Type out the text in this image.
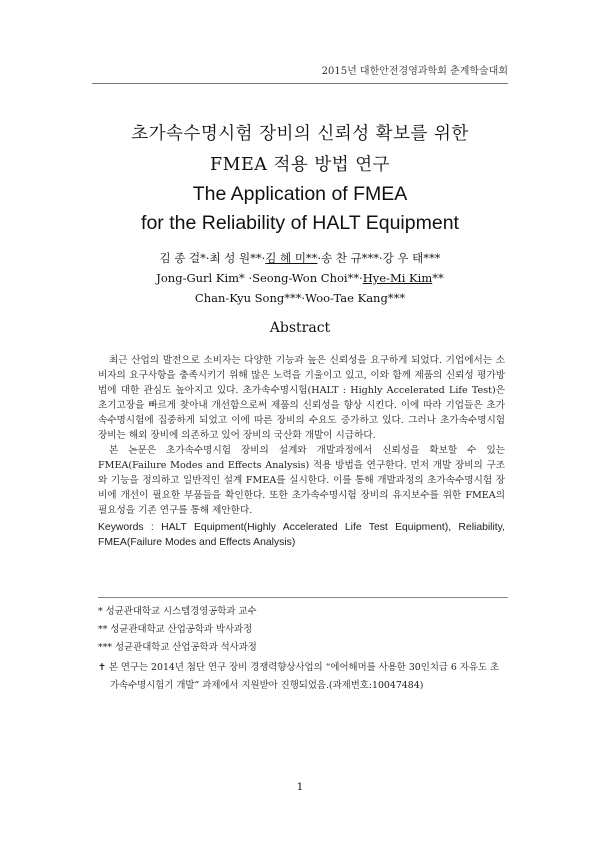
2015년 대한안전경영과학회 춘계학술대회
초가속수명시험 장비의 신뢰성 확보를 위한
FMEA 적용 방법 연구
The Application of FMEA
for the Reliability of HALT Equipment
김 종 걸*·최 성 원**·김 혜 미**·송 찬 규***·강 우 태***
Jong-Gurl Kim* ·Seong-Won Choi**·Hye-Mi Kim**
Chan-Kyu Song***·Woo-Tae Kang***
Abstract

최근 산업의 발전으로 소비자는 다양한 기능과 높은 신뢰성을 요구하게 되었다. 기업에서는 소비자의 요구사항을 충족시키기 위해 많은 노력을 기울이고 있고, 이와 함께 제품의 신뢰성 평가방법에 대한 관심도 높아지고 있다. 초가속수명시험(HALT : Highly Accelerated Life Test)은 초기고장을 빠르게 찾아내 개선함으로써 제품의 신뢰성을 향상 시킨다. 이에 따라 기업들은 초가속수명시험에 집중하게 되었고 이에 따른 장비의 수요도 증가하고 있다. 그러나 초가속수명시험 장비는 해외 장비에 의존하고 있어 장비의 국산화 개발이 시급하다.

본 논문은 초가속수명시험 장비의 설계와 개발과정에서 신뢰성을 확보할 수 있는 FMEA(Failure Modes and Effects Analysis) 적용 방법을 연구한다. 먼저 개발 장비의 구조와 기능을 정의하고 일반적인 설계 FMEA를 실시한다. 이를 통해 개발과정의 초가속수명시험 장비에 개선이 필요한 부품들을 확인한다. 또한 초가속수명시험 장비의 유지보수를 위한 FMEA의 필요성을 기존 연구를 통해 제안한다.

Keywords : HALT Equipment(Highly Accelerated Life Test Equipment), Reliability, FMEA(Failure Modes and Effects Analysis)
* 성균관대학교 시스템경영공학과 교수
** 성균관대학교 산업공학과 박사과정
*** 성균관대학교 산업공학과 석사과정
✝ 본 연구는 2014년 첨단 연구 장비 경쟁력향상사업의 “에어해머를 사용한 30인치급 6 자유도 초가속수명시험기 개발” 과제에서 지원받아 진행되었음.(과제번호:10047484)
1
